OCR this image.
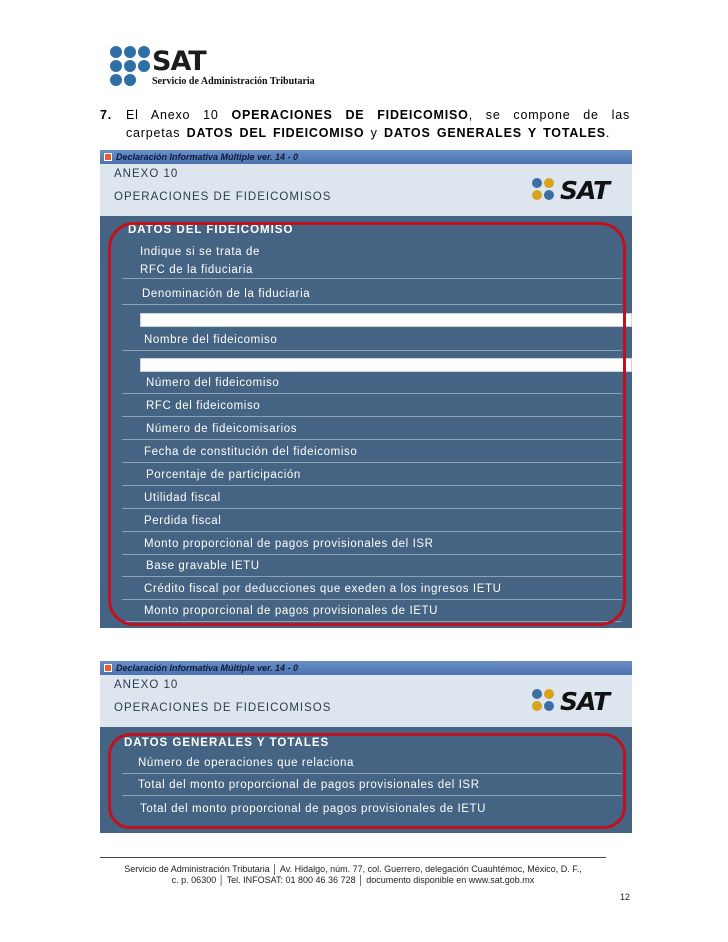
SAT
Servicio de Administración Tributaria
7. El Anexo 10 OPERACIONES DE FIDEICOMISO, se compone de las carpetas DATOS DEL FIDEICOMISO y DATOS GENERALES Y TOTALES.
Declaración Informativa Múltiple ver. 14 - 0
ANEXO 10
OPERACIONES DE FIDEICOMISOS	SAT
DATOS DEL FIDEICOMISO
Indique si se trata de
RFC de la fiduciaria
Denominación de la fiduciaria
Nombre del fideicomiso
Número del fideicomiso
RFC del fideicomiso
Número de fideicomisarios
Fecha de constitución del fideicomiso
Porcentaje de participación
Utilidad fiscal
Perdida fiscal
Monto proporcional de pagos provisionales del ISR
Base gravable IETU
Crédito fiscal por deducciones que exeden a los ingresos IETU
Monto proporcional de pagos provisionales de IETU
Declaración Informativa Múltiple ver. 14 - 0
ANEXO 10
OPERACIONES DE FIDEICOMISOS	SAT
DATOS GENERALES Y TOTALES
Número de operaciones que relaciona
Total del monto proporcional de pagos provisionales del ISR
Total del monto proporcional de pagos provisionales de IETU
Servicio de Administración Tributaria │ Av. Hidalgo, núm. 77, col. Guerrero, delegación Cuauhtémoc, México, D. F.,
c. p. 06300 │ Tel. INFOSAT: 01 800 46 36 728 │ documento disponible en www.sat.gob.mx
12
